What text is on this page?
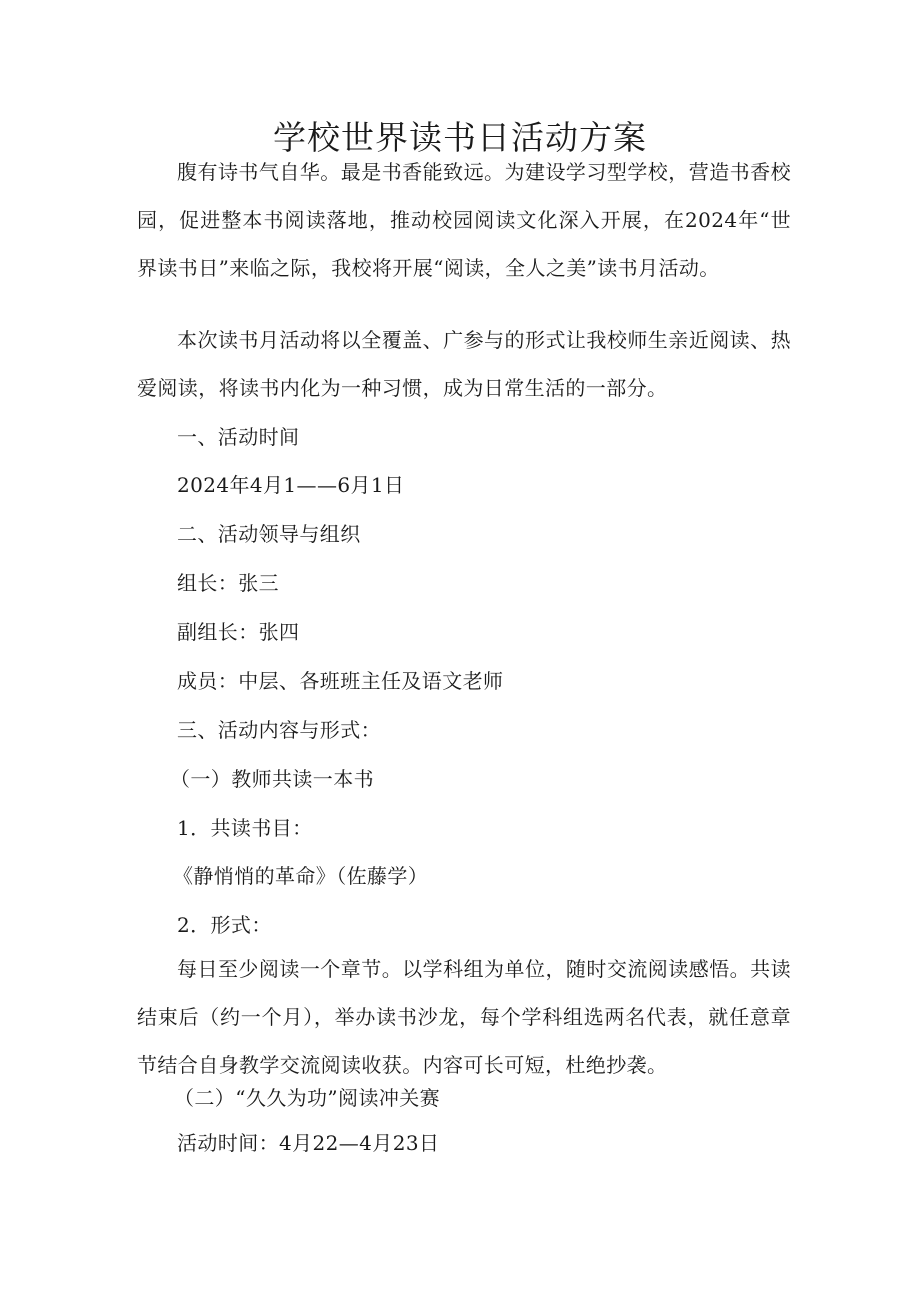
学校世界读书日活动方案

腹有诗书气自华。最是书香能致远。为建设学习型学校，营造书香校园，促进整本书阅读落地，推动校园阅读文化深入开展，在2024年“世界读书日”来临之际，我校将开展“阅读，全人之美”读书月活动。

本次读书月活动将以全覆盖、广参与的形式让我校师生亲近阅读、热爱阅读，将读书内化为一种习惯，成为日常生活的一部分。

一、活动时间

2024年4月1——6月1日

二、活动领导与组织

组长：张三

副组长：张四

成员：中层、各班班主任及语文老师

三、活动内容与形式：

（一）教师共读一本书

1．共读书目：

《静悄悄的革命》（佐藤学）

2．形式：

每日至少阅读一个章节。以学科组为单位，随时交流阅读感悟。共读结束后（约一个月），举办读书沙龙，每个学科组选两名代表，就任意章节结合自身教学交流阅读收获。内容可长可短，杜绝抄袭。

（二）“久久为功”阅读冲关赛

活动时间：4月22—4月23日
